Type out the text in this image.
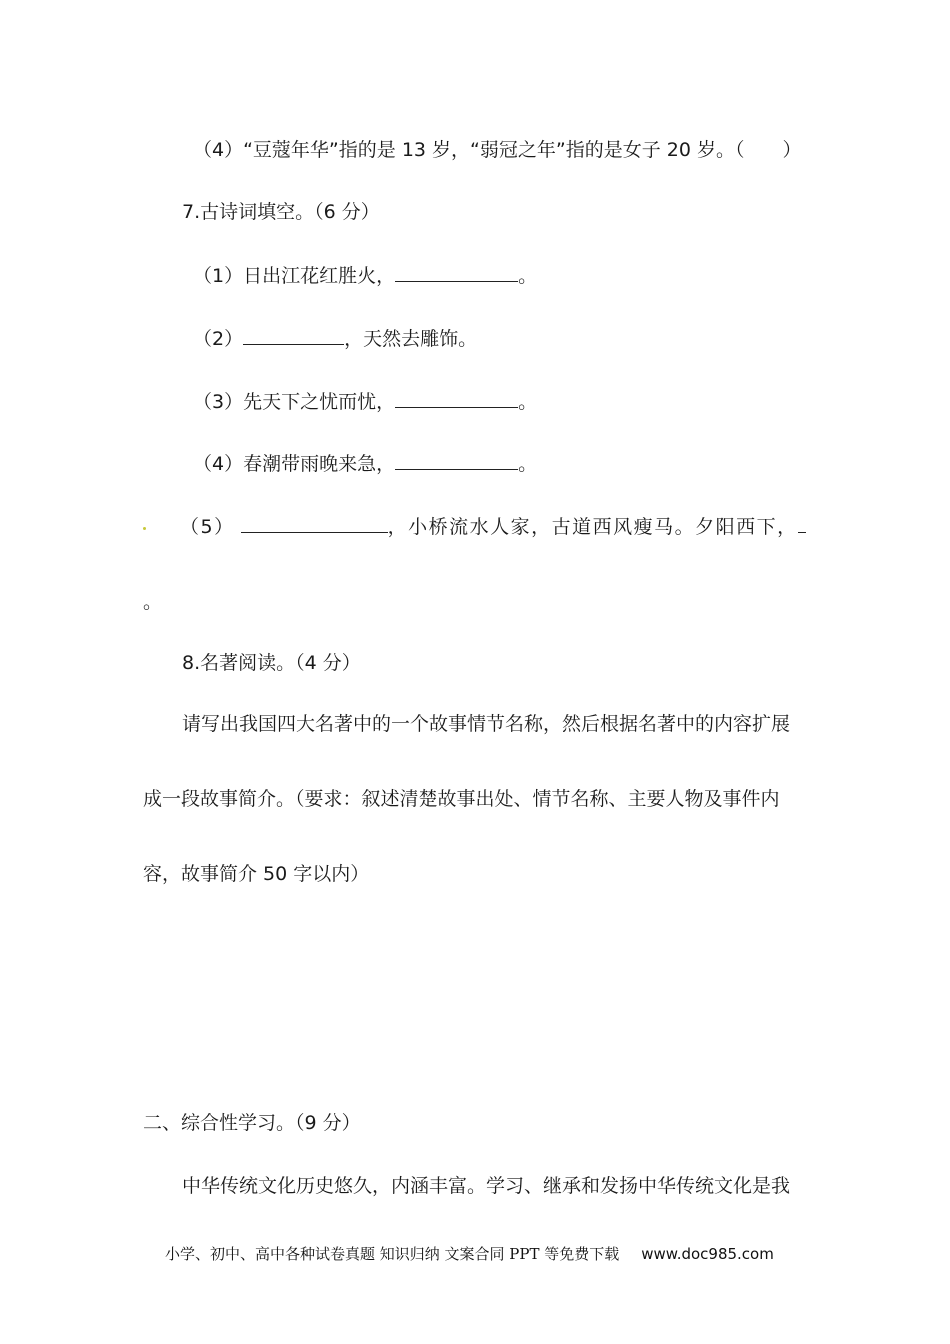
（4）“豆蔻年华”指的是 13 岁，“弱冠之年”指的是女子 20 岁。（　　）
7.古诗词填空。（6 分）
（1）日出江花红胜火，	。
（2）	，天然去雕饰。
（3）先天下之忧而忧，	。
（4）春潮带雨晚来急，	。
（5）	，小桥流水人家，古道西风瘦马。夕阳西下，
。
8.名著阅读。（4 分）
请写出我国四大名著中的一个故事情节名称，然后根据名著中的内容扩展
成一段故事简介。（要求：叙述清楚故事出处、情节名称、主要人物及事件内
容，故事简介 50 字以内）
二、综合性学习。（9 分）
中华传统文化历史悠久，内涵丰富。学习、继承和发扬中华传统文化是我
小学、初中、高中各种试卷真题 知识归纳 文案合同 PPT 等免费下载 www.doc985.com
